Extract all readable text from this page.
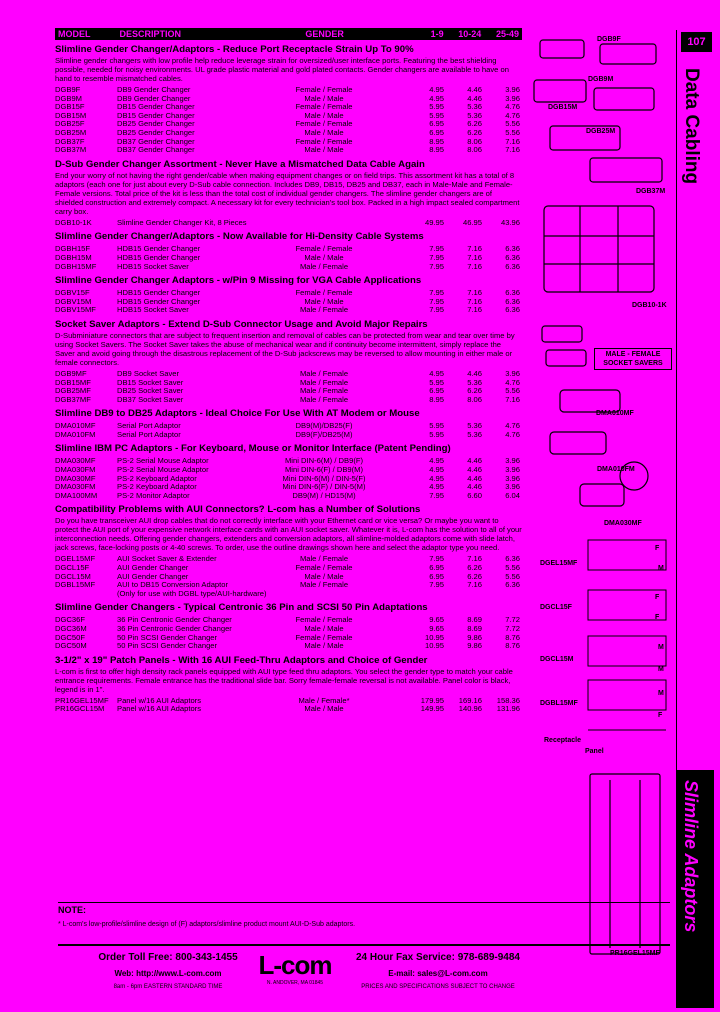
107
Data Cabling
Slimline Adaptors
MODEL	DESCRIPTION	GENDER	1-9	10-24	25-49
Slimline Gender Changer/Adaptors - Reduce Port Receptacle Strain Up To 90%
Slimline gender changers with low profile help reduce leverage strain for oversized/user interface ports. Featuring the best shielding possible, needed for noisy environments. UL grade plastic material and gold plated contacts. Gender changers are available to have on hand to resemble mismatched cables.
DGB9F	DB9 Gender Changer	Female / Female	4.95	4.46	3.96
DGB9M	DB9 Gender Changer	Male / Male	4.95	4.46	3.96
DGB15F	DB15 Gender Changer	Female / Female	5.95	5.36	4.76
DGB15M	DB15 Gender Changer	Male / Male	5.95	5.36	4.76
DGB25F	DB25 Gender Changer	Female / Female	6.95	6.26	5.56
DGB25M	DB25 Gender Changer	Male / Male	6.95	6.26	5.56
DGB37F	DB37 Gender Changer	Female / Female	8.95	8.06	7.16
DGB37M	DB37 Gender Changer	Male / Male	8.95	8.06	7.16
D-Sub Gender Changer Assortment - Never Have a Mismatched Data Cable Again
End your worry of not having the right gender/cable when making equipment changes or on field trips. This assortment kit has a total of 8 adaptors (each one for just about every D-Sub cable connection. Includes DB9, DB15, DB25 and DB37, each in Male-Male and Female-Female versions. Total price of the kit is less than the total cost of individual gender changers. The slimline gender changers are of shielded construction and extremely compact. A necessary kit for every technician's tool box. Packed in a high impact sealed compartment carry box.
DGB10-1K	Slimline Gender Changer Kit, 8 Pieces	49.95	46.95	43.96
Slimline Gender Changer/Adaptors - Now Available for Hi-Density Cable Systems
DGBH15F	HDB15 Gender Changer	Female / Female	7.95	7.16	6.36
DGBH15M	HDB15 Gender Changer	Male / Male	7.95	7.16	6.36
DGBH15MF	HDB15 Socket Saver	Male / Female	7.95	7.16	6.36
Slimline Gender Changer Adaptors - w/Pin 9 Missing for VGA Cable Applications
DGBV15F	HDB15 Gender Changer	Female / Female	7.95	7.16	6.36
DGBV15M	HDB15 Gender Changer	Male / Male	7.95	7.16	6.36
DGBV15MF	HDB15 Socket Saver	Male / Female	7.95	7.16	6.36
Socket Saver Adaptors - Extend D-Sub Connector Usage and Avoid Major Repairs
D-Subminiature connectors that are subject to frequent insertion and removal of cables can be protected from wear and tear over time by using Socket Savers. The Socket Saver takes the abuse of mechanical wear and if continuity become intermittent, simply replace the Saver and avoid going through the disastrous replacement of the D-Sub jackscrews may be reversed to allow mounting in either male or female connectors.
DGB9MF	DB9 Socket Saver	Male / Female	4.95	4.46	3.96
DGB15MF	DB15 Socket Saver	Male / Female	5.95	5.36	4.76
DGB25MF	DB25 Socket Saver	Male / Female	6.95	6.26	5.56
DGB37MF	DB37 Socket Saver	Male / Female	8.95	8.06	7.16
Slimline DB9 to DB25 Adaptors - Ideal Choice For Use With AT Modem or Mouse
DMA010MF	Serial Port Adaptor	DB9(M)/DB25(F)	5.95	5.36	4.76
DMA010FM	Serial Port Adaptor	DB9(F)/DB25(M)	5.95	5.36	4.76
Slimline IBM PC Adaptors - For Keyboard, Mouse or Monitor Interface (Patent Pending)
DMA030MF	PS-2 Serial Mouse Adaptor	Mini DIN-6(M) / DB9(F)	4.95	4.46	3.96
DMA030FM	PS-2 Serial Mouse Adaptor	Mini DIN-6(F) / DB9(M)	4.95	4.46	3.96
DMA030MF	PS-2 Keyboard Adaptor	Mini DIN-6(M) / DIN-5(F)	4.95	4.46	3.96
DMA030FM	PS-2 Keyboard Adaptor	Mini DIN-6(F) / DIN-5(M)	4.95	4.46	3.96
DMA100MM	PS-2 Monitor Adaptor	DB9(M) / HD15(M)	7.95	6.60	6.04
Compatibility Problems with AUI Connectors? L-com has a Number of Solutions
Do you have transceiver AUI drop cables that do not correctly interface with your Ethernet card or vice versa? Or maybe you want to protect the AUI port of your expensive network interface cards with an AUI socket saver. Whatever it is, L-com has the solution to all of your interconnection needs. Offering gender changers, extenders and conversion adaptors, all slimline-molded adaptors come with slide latch, jack screws, face-locking posts or 4-40 screws. To order, use the outline drawings shown here and select the adaptor type you need.
DGEL15MF	AUI Socket Saver & Extender	Male / Female	7.95	7.16	6.36
DGCL15F	AUI Gender Changer	Female / Female	6.95	6.26	5.56
DGCL15M	AUI Gender Changer	Male / Male	6.95	6.26	5.56
DGBL15MF	AUI to DB15 Conversion Adaptor	Male / Female	7.95	7.16	6.36
(Only for use with DGBL type/AUI-hardware)
Slimline Gender Changers - Typical Centronic 36 Pin and SCSI 50 Pin Adaptations
DGC36F	36 Pin Centronic Gender Changer	Female / Female	9.65	8.69	7.72
DGC36M	36 Pin Centronic Gender Changer	Male / Male	9.65	8.69	7.72
DGC50F	50 Pin SCSI Gender Changer	Female / Female	10.95	9.86	8.76
DGC50M	50 Pin SCSI Gender Changer	Male / Male	10.95	9.86	8.76
3-1/2" x 19" Patch Panels - With 16 AUI Feed-Thru Adaptors and Choice of Gender
L-com is first to offer high density rack panels equipped with AUI type feed thru adaptors. You select the gender type to match your cable entrance requirements. Female entrance has the traditional slide bar. Sorry female-female reversal is not available. Panel color is black, legend is in 1".
PR16GEL15MF	Panel w/16 AUI Adaptors	Male / Female*	179.95	169.16	158.36
PR16GCL15M	Panel w/16 AUI Adaptors	Male / Male	149.95	140.96	131.96
DGB9F
DGB9M
DGB15M
DGB25M
DGB37M
DGB10-1K
MALE - FEMALE SOCKET SAVERS
DMA010MF
DMA010FM
DMA030MF
DGEL15MF
F
M
DGCL15F
F
F
DGCL15M
M
M
DGBL15MF
M
F
Receptacle
Panel
PR16GEL15MF
NOTE:
* L-com's low-profile/slimline design of (F) adaptors/slimline product mount AUI-D-Sub adaptors.
Order Toll Free: 800-343-1455
Web: http://www.L-com.com
8am - 6pm EASTERN STANDARD TIME
L-com
N. ANDOVER, MA 01845
24 Hour Fax Service: 978-689-9484
E-mail: sales@L-com.com
PRICES AND SPECIFICATIONS SUBJECT TO CHANGE
